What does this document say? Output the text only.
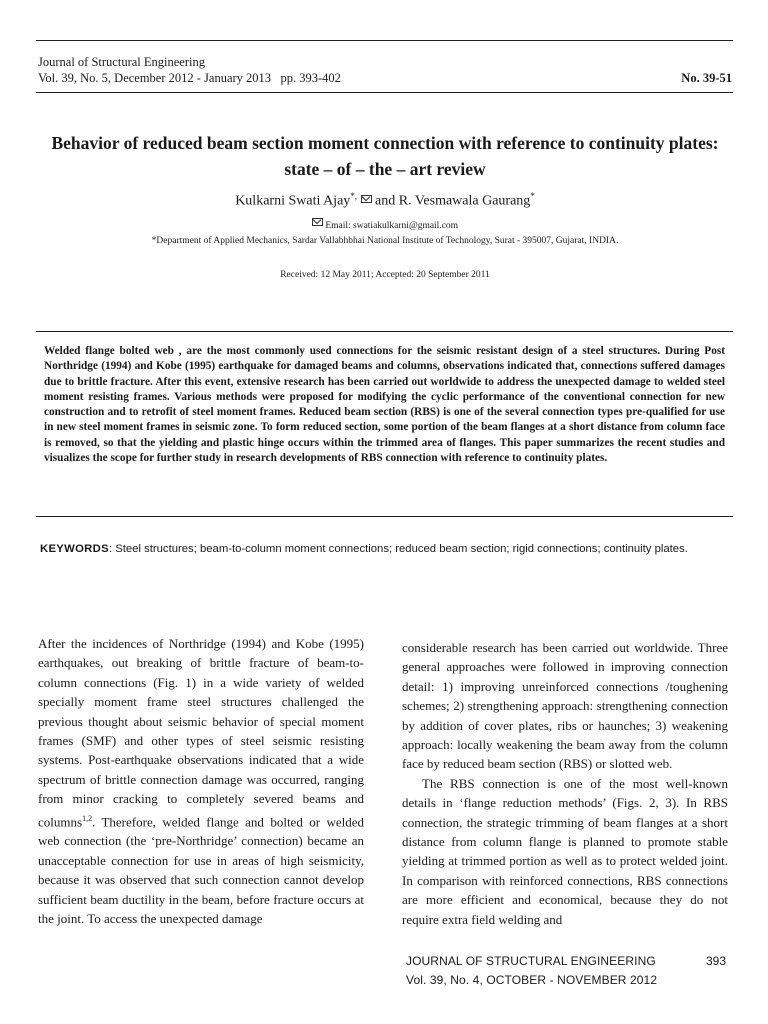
Journal of Structural Engineering
Vol. 39, No. 5, December 2012 - January 2013 pp. 393-402	No. 39-51
Behavior of reduced beam section moment connection with reference to continuity plates: state – of – the – art review
Kulkarni Swati Ajay*,  and R. Vesmawala Gaurang*
Email: swatiakulkarni@gmail.com
*Department of Applied Mechanics, Sardar Vallabhbhai National Institute of Technology, Surat - 395007, Gujarat, INDIA.
Received: 12 May 2011; Accepted: 20 September 2011
Welded flange bolted web , are the most commonly used connections for the seismic resistant design of a steel structures. During Post Northridge (1994) and Kobe (1995) earthquake for damaged beams and columns, observations indicated that, connections suffered damages due to brittle fracture. After this event, extensive research has been carried out worldwide to address the unexpected damage to welded steel moment resisting frames. Various methods were proposed for modifying the cyclic performance of the conventional connection for new construction and to retrofit of steel moment frames. Reduced beam section (RBS) is one of the several connection types pre-qualified for use in new steel moment frames in seismic zone. To form reduced section, some portion of the beam flanges at a short distance from column face is removed, so that the yielding and plastic hinge occurs within the trimmed area of flanges. This paper summarizes the recent studies and visualizes the scope for further study in research developments of RBS connection with reference to continuity plates.
KEYWORDS: Steel structures; beam-to-column moment connections; reduced beam section; rigid connections; continuity plates.

After the incidences of Northridge (1994) and Kobe (1995) earthquakes, out breaking of brittle fracture of beam-to-column connections (Fig. 1) in a wide variety of welded specially moment frame steel structures challenged the previous thought about seismic behavior of special moment frames (SMF) and other types of steel seismic resisting systems. Post-earthquake observations indicated that a wide spectrum of brittle connection damage was occurred, ranging from minor cracking to completely severed beams and columns$^{1,2}$. Therefore, welded flange and bolted or welded web connection (the ‘pre-Northridge’ connection) became an unacceptable connection for use in areas of high seismicity, because it was observed that such connection cannot develop sufficient beam ductility in the beam, before fracture occurs at the joint. To access the unexpected damage

considerable research has been carried out worldwide. Three general approaches were followed in improving connection detail: 1) improving unreinforced connections /toughening schemes; 2) strengthening approach: strengthening connection by addition of cover plates, ribs or haunches; 3) weakening approach: locally weakening the beam away from the column face by reduced beam section (RBS) or slotted web.

The RBS connection is one of the most well-known details in ‘flange reduction methods’ (Figs. 2, 3). In RBS connection, the strategic trimming of beam flanges at a short distance from column flange is planned to promote stable yielding at trimmed portion as well as to protect welded joint. In comparison with reinforced connections, RBS connections are more efficient and economical, because they do not require extra field welding and

JOURNAL OF STRUCTURAL ENGINEERING
Vol. 39, No. 4, OCTOBER - NOVEMBER 2012
393
